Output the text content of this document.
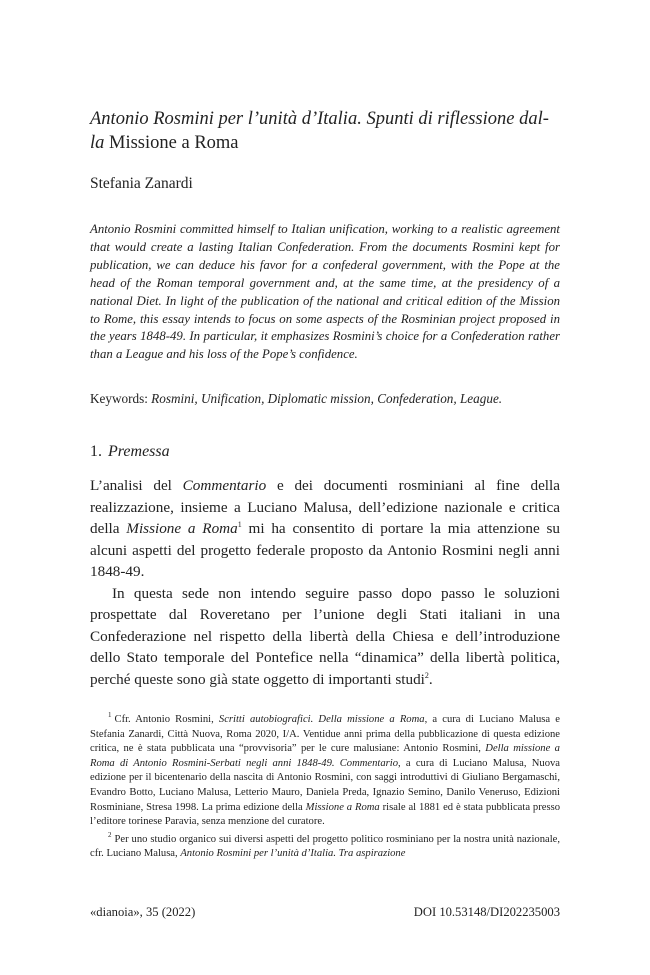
Antonio Rosmini per l’unità d’Italia. Spunti di riflessione dal-la Missione a Roma
Stefania Zanardi

Antonio Rosmini committed himself to Italian unification, working to a realistic agreement that would create a lasting Italian Confederation. From the documents Rosmini kept for publication, we can deduce his favor for a confederal government, with the Pope at the head of the Roman temporal government and, at the same time, at the presidency of a national Diet. In light of the publication of the national and critical edition of the Mission to Rome, this essay intends to focus on some aspects of the Rosminian project proposed in the years 1848-49. In particular, it emphasizes Rosmini’s choice for a Confederation rather than a League and his loss of the Pope’s confidence.

Keywords: Rosmini, Unification, Diplomatic mission, Confederation, League.
1. Premessa

L’analisi del Commentario e dei documenti rosminiani al fine della realizzazione, insieme a Luciano Malusa, dell’edizione nazionale e critica della Missione a Roma$^1$ mi ha consentito di portare la mia attenzione su alcuni aspetti del progetto federale proposto da Antonio Rosmini negli anni 1848-49.

In questa sede non intendo seguire passo dopo passo le soluzioni prospettate dal Roveretano per l’unione degli Stati italiani in una Confederazione nel rispetto della libertà della Chiesa e dell’introduzione dello Stato temporale del Pontefice nella “dinamica” della libertà politica, perché queste sono già state oggetto di importanti studi$^2$.

$^1$ Cfr. Antonio Rosmini, Scritti autobiografici. Della missione a Roma, a cura di Luciano Malusa e Stefania Zanardi, Città Nuova, Roma 2020, I/A. Ventidue anni prima della pubblicazione di questa edizione critica, ne è stata pubblicata una “provvisoria” per le cure malusiane: Antonio Rosmini, Della missione a Roma di Antonio Rosmini-Serbati negli anni 1848-49. Commentario, a cura di Luciano Malusa, Nuova edizione per il bicentenario della nascita di Antonio Rosmini, con saggi introduttivi di Giuliano Bergamaschi, Evandro Botto, Luciano Malusa, Letterio Mauro, Daniela Preda, Ignazio Semino, Danilo Veneruso, Edizioni Rosminiane, Stresa 1998. La prima edizione della Missione a Roma risale al 1881 ed è stata pubblicata presso l’editore torinese Paravia, senza menzione del curatore.

$^2$ Per uno studio organico sui diversi aspetti del progetto politico rosminiano per la nostra unità nazionale, cfr. Luciano Malusa, Antonio Rosmini per l’unità d’Italia. Tra aspirazione

«dianoia», 35 (2022)	DOI 10.53148/DI202235003
